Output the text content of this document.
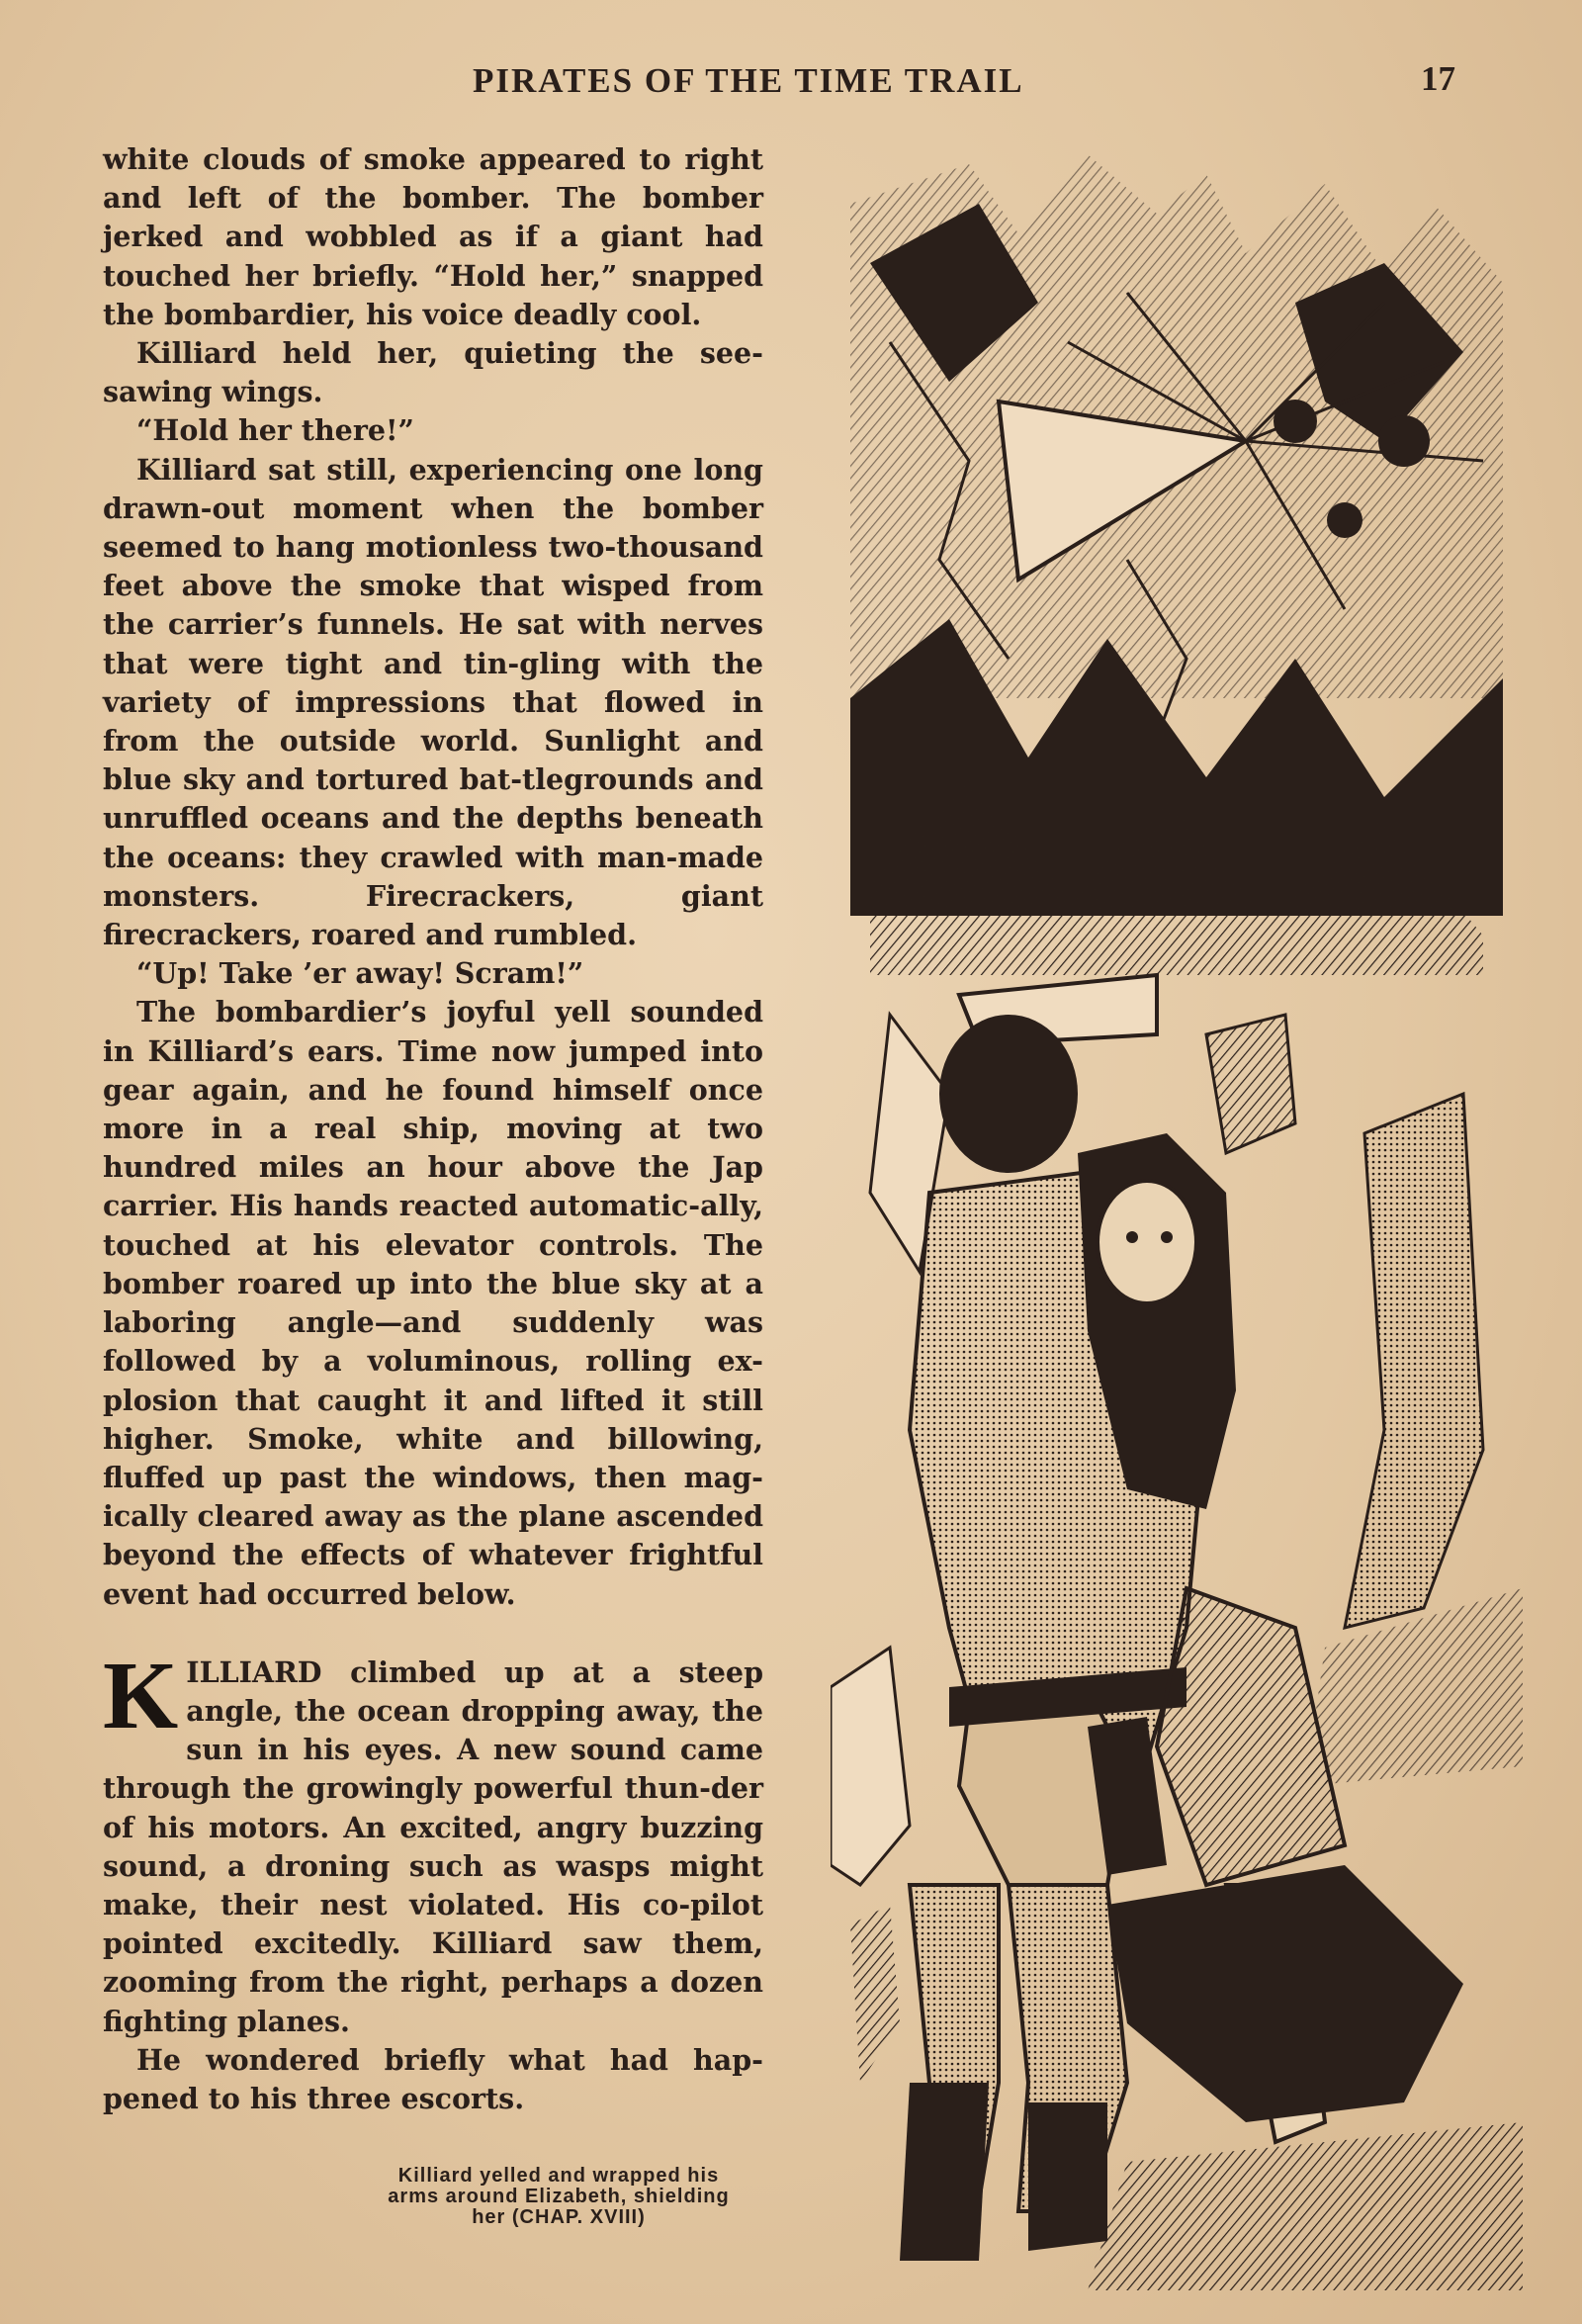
PIRATES OF THE TIME TRAIL	17

white clouds of smoke appeared to right and left of the bomber. The bomber jerked and wobbled as if a giant had touched her briefly. “Hold her,” snapped the bombardier, his voice deadly cool.

Killiard held her, quieting the see-sawing wings.

“Hold her there!”

Killiard sat still, experiencing one long drawn-out moment when the bomber seemed to hang motionless two-thousand feet above the smoke that wisped from the carrier’s funnels. He sat with nerves that were tight and tin-gling with the variety of impressions that flowed in from the outside world. Sunlight and blue sky and tortured bat-tlegrounds and unruffled oceans and the depths beneath the oceans: they crawled with man-made monsters. Firecrackers, giant firecrackers, roared and rumbled.

“Up! Take ’er away! Scram!”

The bombardier’s joyful yell sounded in Killiard’s ears. Time now jumped into gear again, and he found himself once more in a real ship, moving at two hundred miles an hour above the Jap carrier. His hands reacted automatic-ally, touched at his elevator controls. The bomber roared up into the blue sky at a laboring angle—and suddenly was followed by a voluminous, rolling ex-plosion that caught it and lifted it still higher. Smoke, white and billowing, fluffed up past the windows, then mag-ically cleared away as the plane ascended beyond the effects of whatever frightful event had occurred below.

KILLIARD climbed up at a steep angle, the ocean dropping away, the sun in his eyes. A new sound came through the growingly powerful thun-der of his motors. An excited, angry buzzing sound, a droning such as wasps might make, their nest violated. His co-pilot pointed excitedly. Killiard saw them, zooming from the right, perhaps a dozen fighting planes.

He wondered briefly what had hap-pened to his three escorts.

Killiard yelled and wrapped his
arms around Elizabeth, shielding
her (CHAP. XVIII)
